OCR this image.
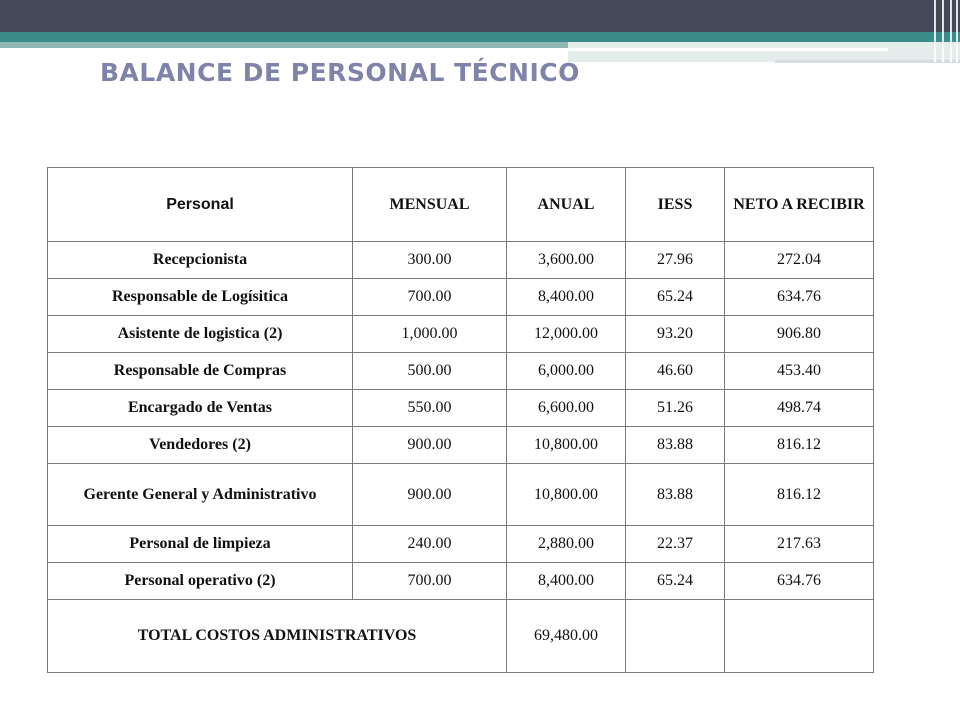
BALANCE DE PERSONAL TÉCNICO
Personal	MENSUAL	ANUAL	IESS	NETO A RECIBIR
Recepcionista	300.00	3,600.00	27.96	272.04
Responsable de Logísitica	700.00	8,400.00	65.24	634.76
Asistente de logistica (2)	1,000.00	12,000.00	93.20	906.80
Responsable de Compras	500.00	6,000.00	46.60	453.40
Encargado de Ventas	550.00	6,600.00	51.26	498.74
Vendedores (2)	900.00	10,800.00	83.88	816.12
Gerente General y Administrativo	900.00	10,800.00	83.88	816.12
Personal de limpieza	240.00	2,880.00	22.37	217.63
Personal operativo (2)	700.00	8,400.00	65.24	634.76
TOTAL COSTOS ADMINISTRATIVOS		69,480.00		
